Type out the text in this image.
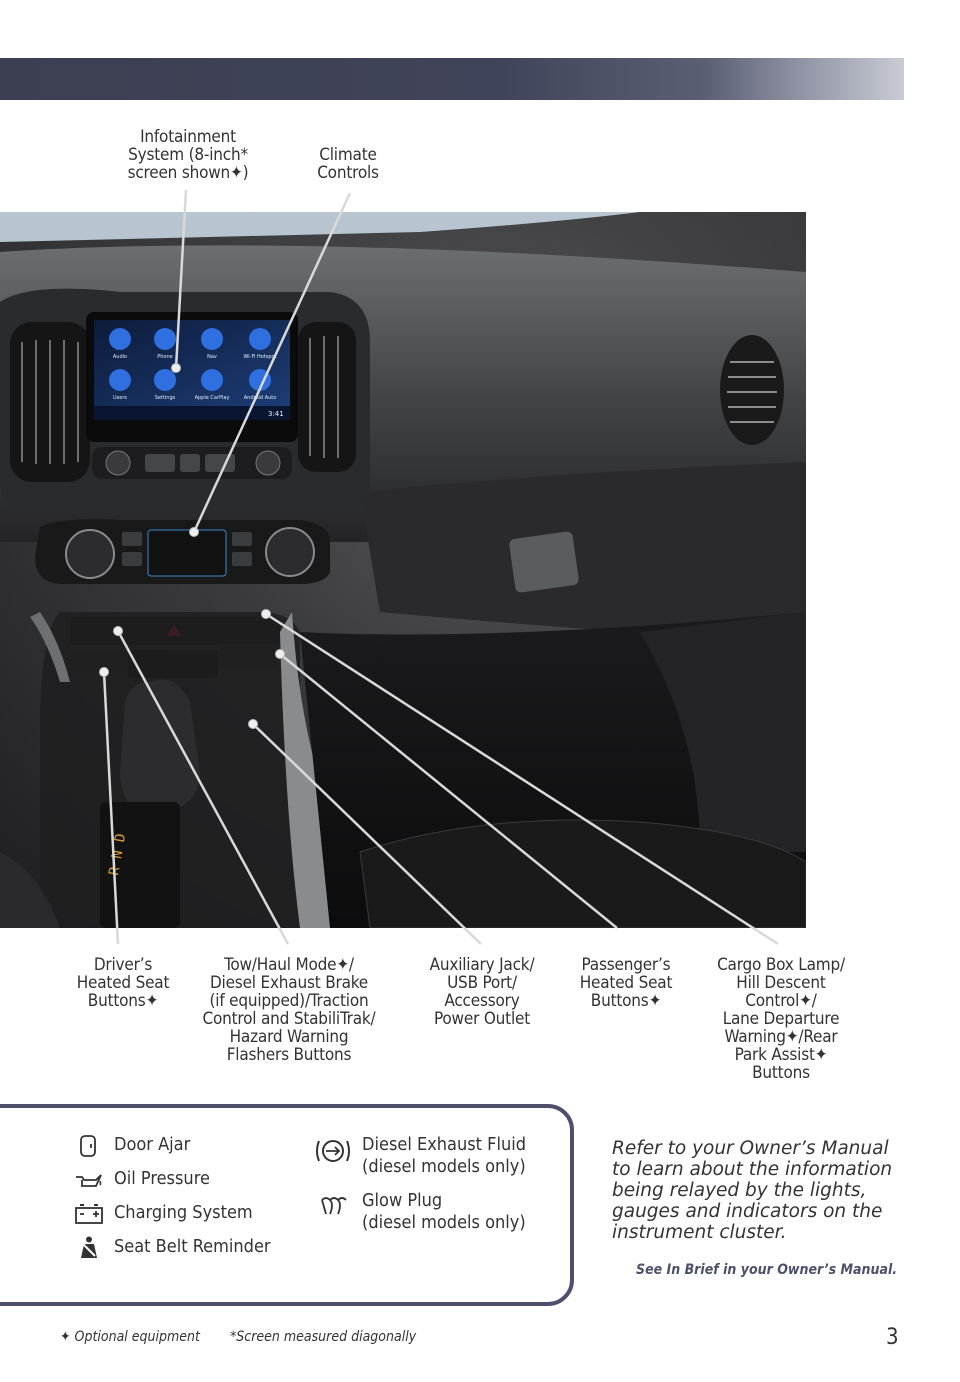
Audio	Phone	Nav	Wi-Fi Hotspot
Users	Settings	Apple CarPlay	Android Auto
3:41
R N D
Infotainment
System (8-inch*
screen shown✦)
Climate
Controls
Driver’s
Heated Seat
Buttons✦
Tow/Haul Mode✦/
Diesel Exhaust Brake
(if equipped)/Traction
Control and StabiliTrak/
Hazard Warning
Flashers Buttons
Auxiliary Jack/
USB Port/
Accessory
Power Outlet
Passenger’s
Heated Seat
Buttons✦
Cargo Box Lamp/
Hill Descent
Control✦/
Lane Departure
Warning✦/Rear
Park Assist✦
Buttons
Door Ajar
Oil Pressure
Charging System
Seat Belt Reminder
Diesel Exhaust Fluid
(diesel models only)
Glow Plug
(diesel models only)
Refer to your Owner’s Manual to learn about the information being relayed by the lights, gauges and indicators on the instrument cluster.
See In Brief in your Owner’s Manual.
✦ Optional equipment *Screen measured diagonally	3
